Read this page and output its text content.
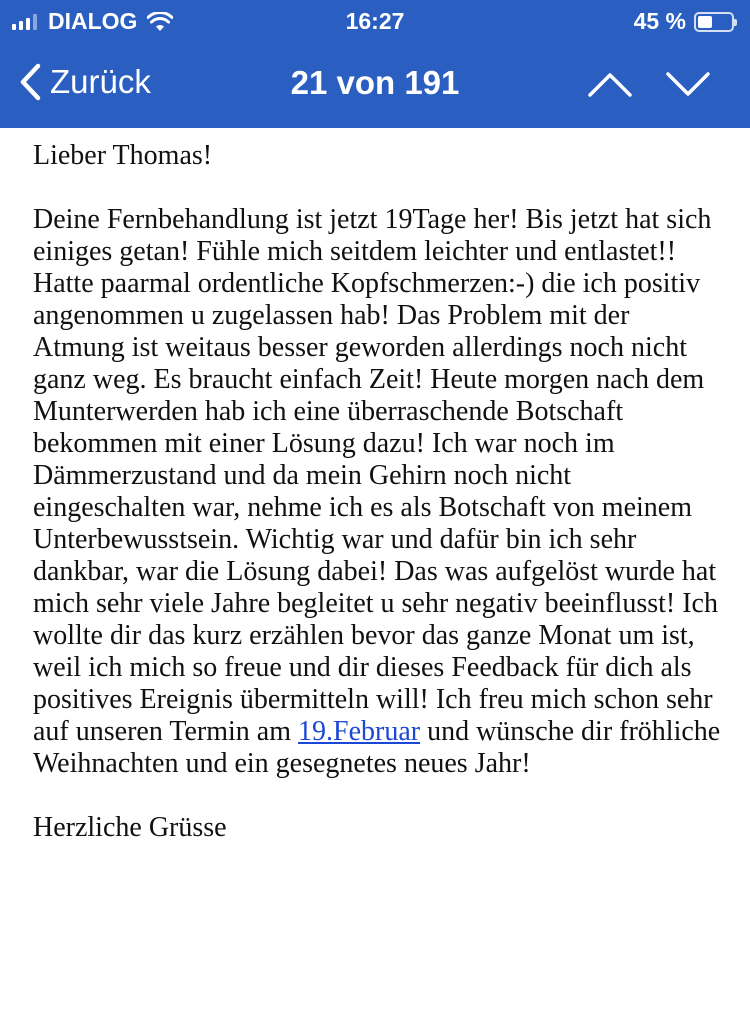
DIALOG	16:27	45 %
Zurück	21 von 191

Lieber Thomas!

Deine Fernbehandlung ist jetzt 19Tage her! Bis jetzt hat sich einiges getan! Fühle mich seitdem leichter und entlastet!! Hatte paarmal ordentliche Kopfschmerzen:-) die ich positiv angenommen u zugelassen hab! Das Problem mit der Atmung ist weitaus besser geworden allerdings noch nicht ganz weg. Es braucht einfach Zeit! Heute morgen nach dem Munterwerden hab ich eine überraschende Botschaft bekommen mit einer Lösung dazu! Ich war noch im Dämmerzustand und da mein Gehirn noch nicht eingeschalten war, nehme ich es als Botschaft von meinem Unterbewusstsein. Wichtig war und dafür bin ich sehr dankbar, war die Lösung dabei! Das was aufgelöst wurde hat mich sehr viele Jahre begleitet u sehr negativ beeinflusst! Ich wollte dir das kurz erzählen bevor das ganze Monat um ist, weil ich mich so freue und dir dieses Feedback für dich als positives Ereignis übermitteln will! Ich freu mich schon sehr auf unseren Termin am 19.Februar und wünsche dir fröhliche Weihnachten und ein gesegnetes neues Jahr!

Herzliche Grüsse
